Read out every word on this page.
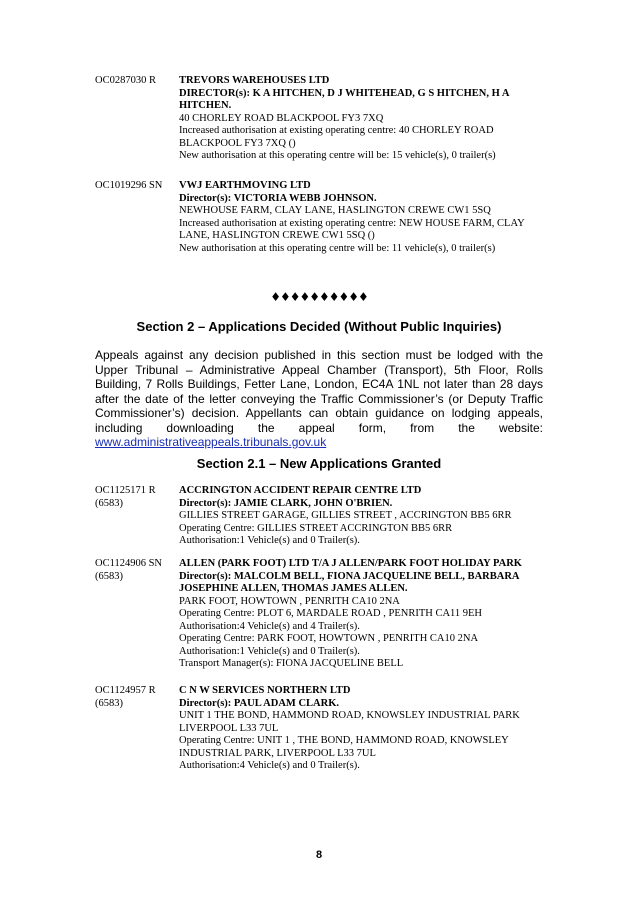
OC0287030 R TREVORS WAREHOUSES LTD
DIRECTOR(s): K A HITCHEN, D J WHITEHEAD, G S HITCHEN, H A
HITCHEN.
40 CHORLEY ROAD BLACKPOOL FY3 7XQ
Increased authorisation at existing operating centre: 40 CHORLEY ROAD
BLACKPOOL FY3 7XQ ()
New authorisation at this operating centre will be: 15 vehicle(s), 0 trailer(s)
OC1019296 SN VWJ EARTHMOVING LTD
Director(s): VICTORIA WEBB JOHNSON.
NEWHOUSE FARM, CLAY LANE, HASLINGTON CREWE CW1 5SQ
Increased authorisation at existing operating centre: NEW HOUSE FARM, CLAY
LANE, HASLINGTON CREWE CW1 5SQ ()
New authorisation at this operating centre will be: 11 vehicle(s), 0 trailer(s)
♦♦♦♦♦♦♦♦♦♦
Section 2 – Applications Decided (Without Public Inquiries)
Appeals against any decision published in this section must be lodged with the Upper Tribunal – Administrative Appeal Chamber (Transport), 5th Floor, Rolls Building, 7 Rolls Buildings, Fetter Lane, London, EC4A 1NL not later than 28 days after the date of the letter conveying the Traffic Commissioner’s (or Deputy Traffic Commissioner’s) decision. Appellants can obtain guidance on lodging appeals, including downloading the appeal form, from the website: www.administrativeappeals.tribunals.gov.uk
Section 2.1 – New Applications Granted
OC1125171 R
(6583)
ACCRINGTON ACCIDENT REPAIR CENTRE LTD
Director(s): JAMIE CLARK, JOHN O'BRIEN.
GILLIES STREET GARAGE, GILLIES STREET , ACCRINGTON BB5 6RR
Operating Centre: GILLIES STREET ACCRINGTON BB5 6RR
Authorisation:1 Vehicle(s) and 0 Trailer(s).
OC1124906 SN
(6583)
ALLEN (PARK FOOT) LTD T/A J ALLEN/PARK FOOT HOLIDAY PARK
Director(s): MALCOLM BELL, FIONA JACQUELINE BELL, BARBARA
JOSEPHINE ALLEN, THOMAS JAMES ALLEN.
PARK FOOT, HOWTOWN , PENRITH CA10 2NA
Operating Centre: PLOT 6, MARDALE ROAD , PENRITH CA11 9EH
Authorisation:4 Vehicle(s) and 4 Trailer(s).
Operating Centre: PARK FOOT, HOWTOWN , PENRITH CA10 2NA
Authorisation:1 Vehicle(s) and 0 Trailer(s).
Transport Manager(s): FIONA JACQUELINE BELL
OC1124957 R
(6583)
C N W SERVICES NORTHERN LTD
Director(s): PAUL ADAM CLARK.
UNIT 1 THE BOND, HAMMOND ROAD, KNOWSLEY INDUSTRIAL PARK
LIVERPOOL L33 7UL
Operating Centre: UNIT 1 , THE BOND, HAMMOND ROAD, KNOWSLEY
INDUSTRIAL PARK, LIVERPOOL L33 7UL
Authorisation:4 Vehicle(s) and 0 Trailer(s).
8
